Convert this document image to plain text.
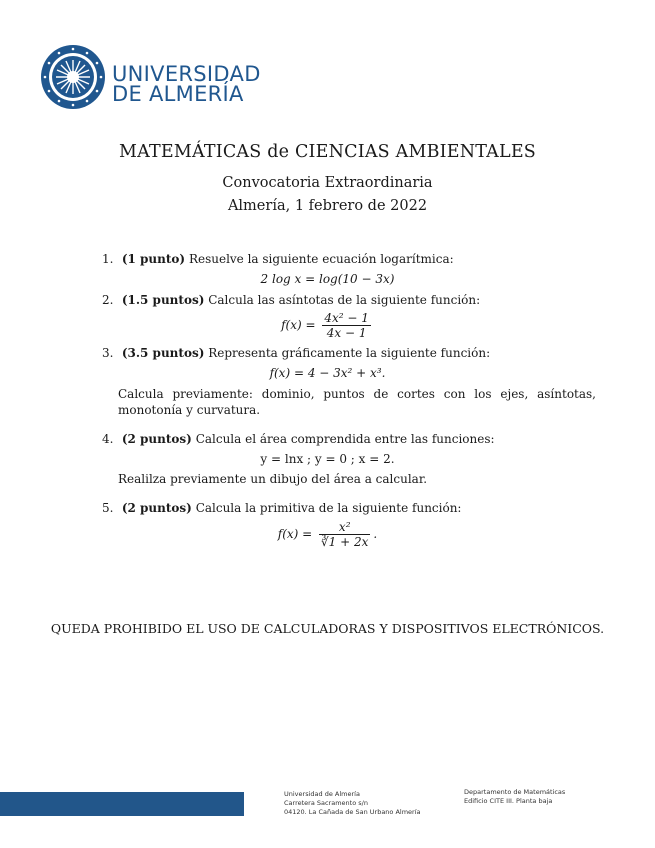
UNIVERSIDAD
DE ALMERÍA
MATEMÁTICAS de CIENCIAS AMBIENTALES
Convocatoria Extraordinaria
Almería, 1 febrero de 2022
1. (1 punto) Resuelve la siguiente ecuación logarítmica:
2 log x = log(10 − 3x)
2. (1.5 puntos) Calcula las asíntotas de la siguiente función:
$f(x) = \frac{\text{4x² − 1}}{4x - 1}$
3. (3.5 puntos) Representa gráficamente la siguiente función:
f(x) = 4 − 3x² + x³.
Calcula previamente: dominio, puntos de cortes con los ejes, asíntotas, monotonía y curvatura.
4. (2 puntos) Calcula el área comprendida entre las funciones:
y = lnx ; y = 0 ; x = 2.
Realilza previamente un dibujo del área a calcular.
5. (2 puntos) Calcula la primitiva de la siguiente función:
$f(x) = \frac{\text{x²}}{∛1 + 2x}$ .
QUEDA PROHIBIDO EL USO DE CALCULADORAS Y DISPOSITIVOS ELECTRÓNICOS.
Universidad de Almería
Carretera Sacramento s/n
04120. La Cañada de San Urbano Almería
Departamento de Matemáticas
Edificio CITE III. Planta baja
